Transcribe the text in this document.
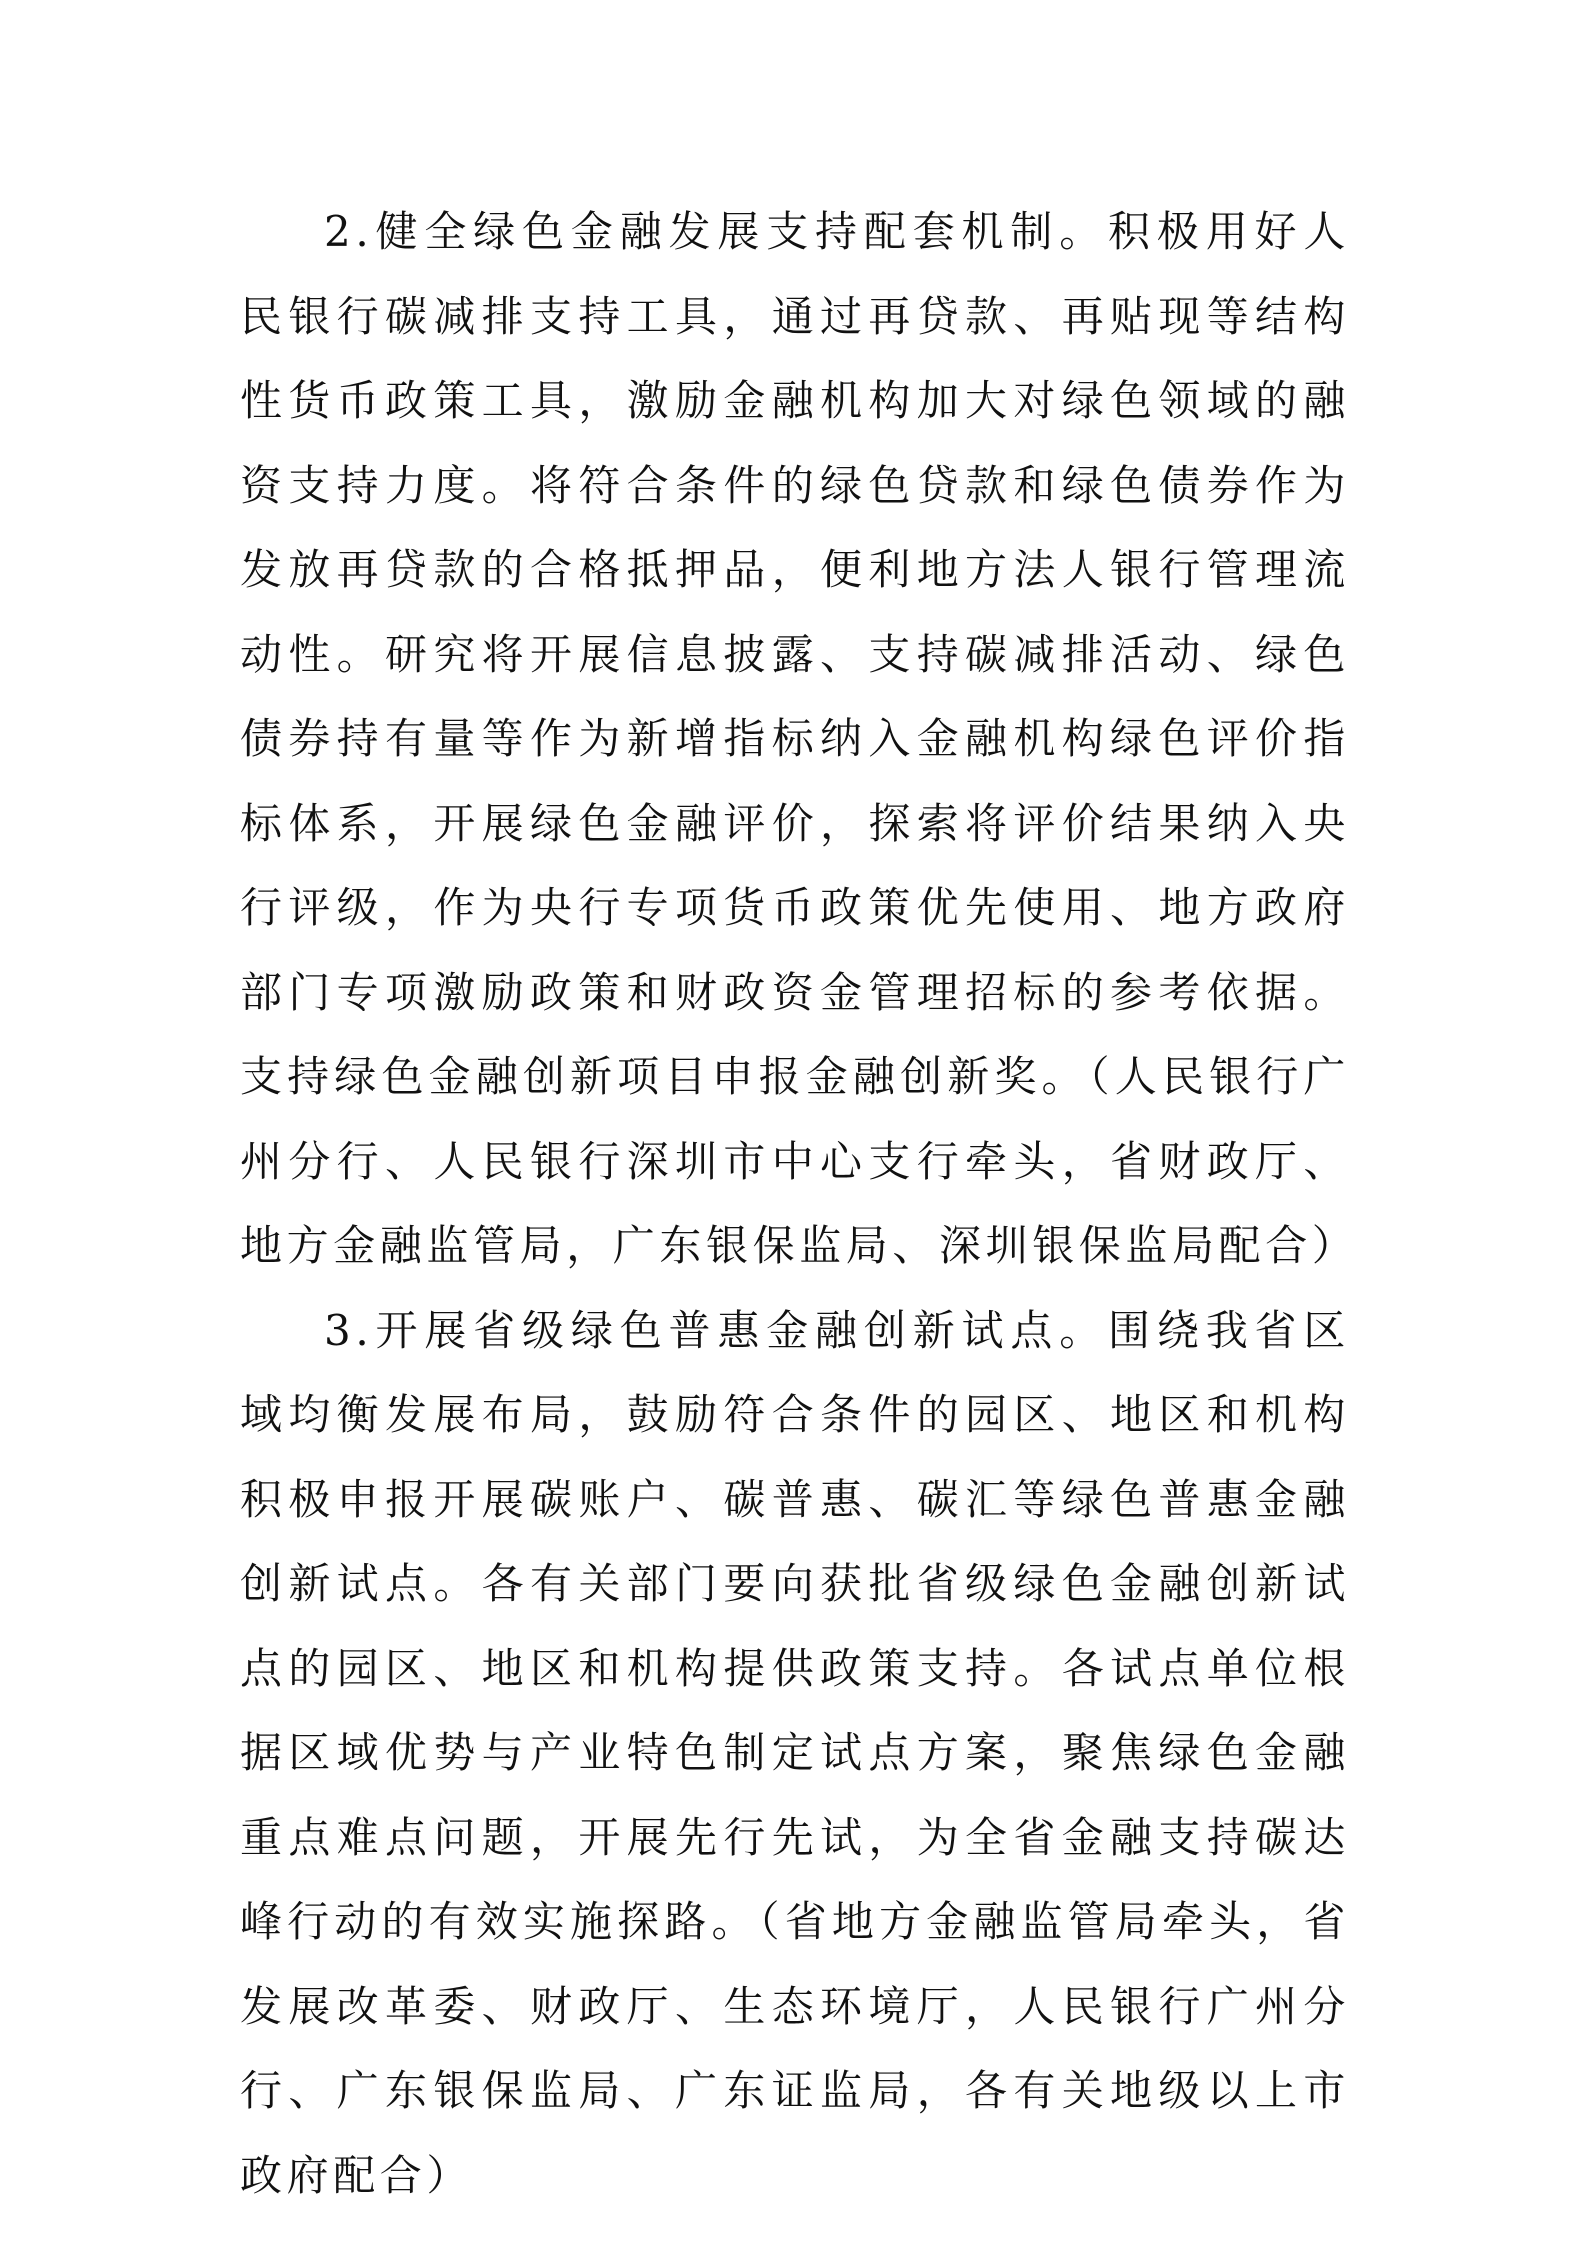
2.健全绿色金融发展支持配套机制。积极用好人民银行碳减排支持工具，通过再贷款、再贴现等结构性货币政策工具，激励金融机构加大对绿色领域的融资支持力度。将符合条件的绿色贷款和绿色债券作为发放再贷款的合格抵押品，便利地方法人银行管理流动性。研究将开展信息披露、支持碳减排活动、绿色债券持有量等作为新增指标纳入金融机构绿色评价指标体系，开展绿色金融评价，探索将评价结果纳入央行评级，作为央行专项货币政策优先使用、地方政府部门专项激励政策和财政资金管理招标的参考依据。支持绿色金融创新项目申报金融创新奖。（人民银行广州分行、人民银行深圳市中心支行牵头，省财政厅、地方金融监管局，广东银保监局、深圳银保监局配合）

3.开展省级绿色普惠金融创新试点。围绕我省区域均衡发展布局，鼓励符合条件的园区、地区和机构积极申报开展碳账户、碳普惠、碳汇等绿色普惠金融创新试点。各有关部门要向获批省级绿色金融创新试点的园区、地区和机构提供政策支持。各试点单位根据区域优势与产业特色制定试点方案，聚焦绿色金融重点难点问题，开展先行先试，为全省金融支持碳达峰行动的有效实施探路。（省地方金融监管局牵头，省发展改革委、财政厅、生态环境厅，人民银行广州分行、广东银保监局、广东证监局，各有关地级以上市政府配合）
